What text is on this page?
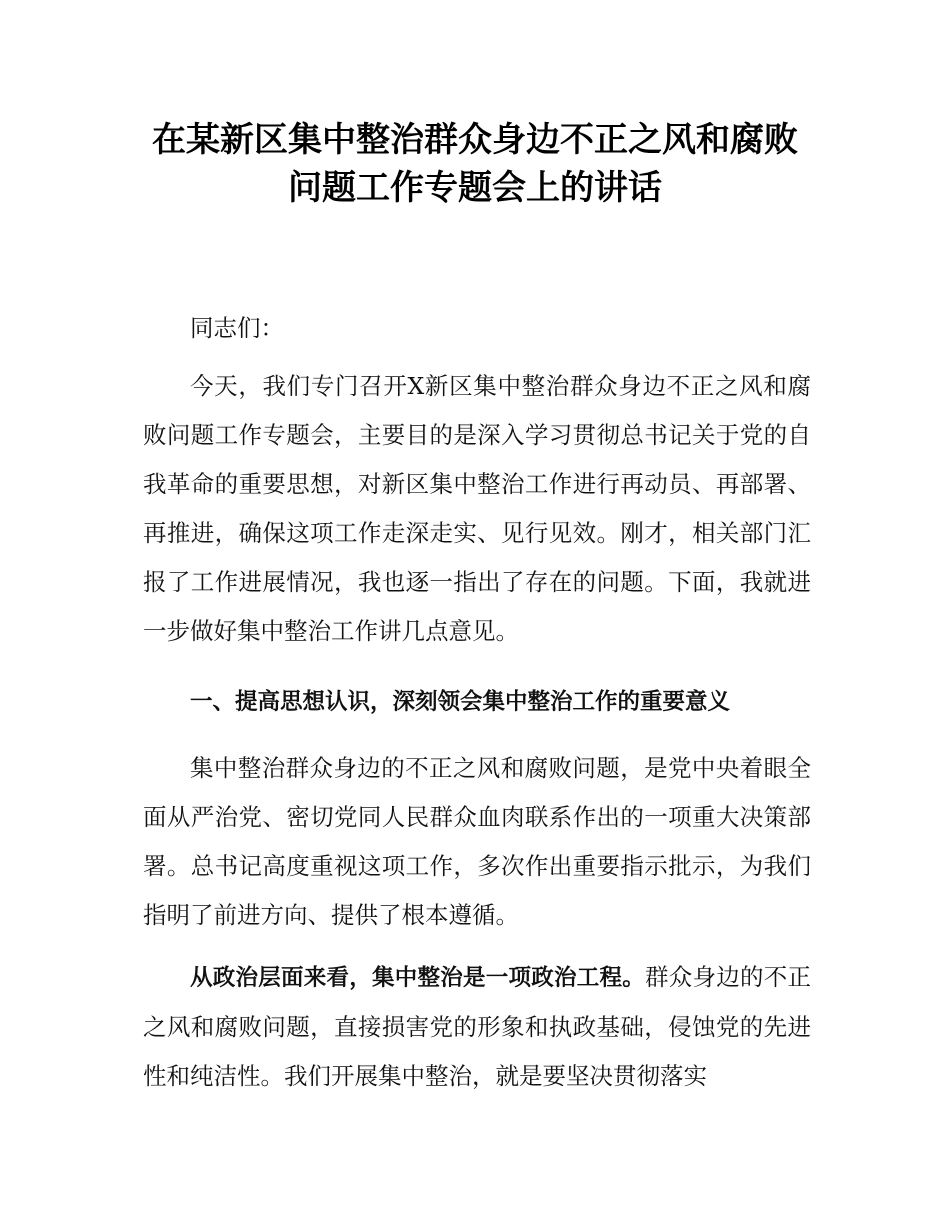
在某新区集中整治群众身边不正之风和腐败
问题工作专题会上的讲话

同志们：

今天，我们专门召开X新区集中整治群众身边不正之风和腐败问题工作专题会，主要目的是深入学习贯彻总书记关于党的自我革命的重要思想，对新区集中整治工作进行再动员、再部署、再推进，确保这项工作走深走实、见行见效。刚才，相关部门汇报了工作进展情况，我也逐一指出了存在的问题。下面，我就进一步做好集中整治工作讲几点意见。

一、提高思想认识，深刻领会集中整治工作的重要意义

集中整治群众身边的不正之风和腐败问题，是党中央着眼全面从严治党、密切党同人民群众血肉联系作出的一项重大决策部署。总书记高度重视这项工作，多次作出重要指示批示，为我们指明了前进方向、提供了根本遵循。

从政治层面来看，集中整治是一项政治工程。群众身边的不正之风和腐败问题，直接损害党的形象和执政基础，侵蚀党的先进性和纯洁性。我们开展集中整治，就是要坚决贯彻落实
